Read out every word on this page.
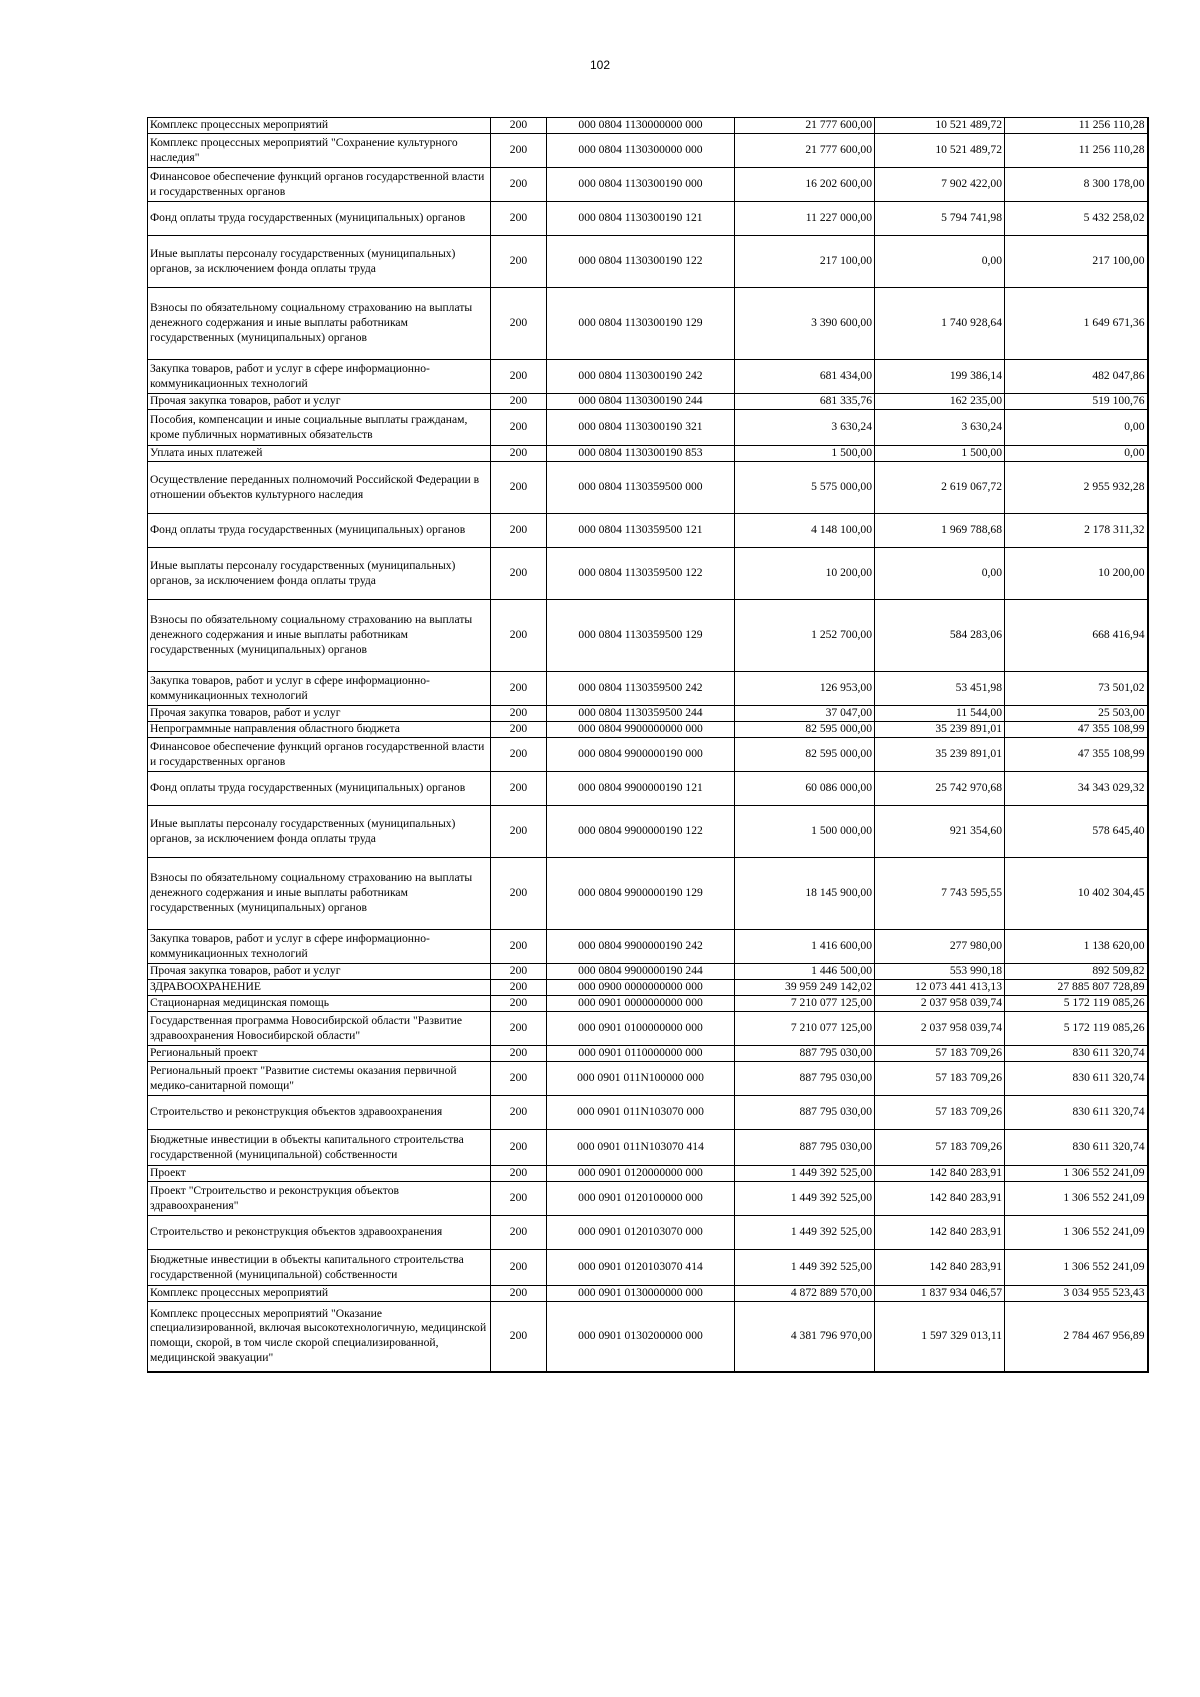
102
Комплекс процессных мероприятий	200	000 0804 1130000000 000	21 777 600,00	10 521 489,72	11 256 110,28
Комплекс процессных мероприятий "Сохранение культурного наследия"	200	000 0804 1130300000 000	21 777 600,00	10 521 489,72	11 256 110,28
Финансовое обеспечение функций органов государственной власти и государственных органов	200	000 0804 1130300190 000	16 202 600,00	7 902 422,00	8 300 178,00
Фонд оплаты труда государственных (муниципальных) органов	200	000 0804 1130300190 121	11 227 000,00	5 794 741,98	5 432 258,02
Иные выплаты персоналу государственных (муниципальных) органов, за исключением фонда оплаты труда	200	000 0804 1130300190 122	217 100,00	0,00	217 100,00
Взносы по обязательному социальному страхованию на выплаты денежного содержания и иные выплаты работникам государственных (муниципальных) органов	200	000 0804 1130300190 129	3 390 600,00	1 740 928,64	1 649 671,36
Закупка товаров, работ и услуг в сфере информационно-коммуникационных технологий	200	000 0804 1130300190 242	681 434,00	199 386,14	482 047,86
Прочая закупка товаров, работ и услуг	200	000 0804 1130300190 244	681 335,76	162 235,00	519 100,76
Пособия, компенсации и иные социальные выплаты гражданам, кроме публичных нормативных обязательств	200	000 0804 1130300190 321	3 630,24	3 630,24	0,00
Уплата иных платежей	200	000 0804 1130300190 853	1 500,00	1 500,00	0,00
Осуществление переданных полномочий Российской Федерации в отношении объектов культурного наследия	200	000 0804 1130359500 000	5 575 000,00	2 619 067,72	2 955 932,28
Фонд оплаты труда государственных (муниципальных) органов	200	000 0804 1130359500 121	4 148 100,00	1 969 788,68	2 178 311,32
Иные выплаты персоналу государственных (муниципальных) органов, за исключением фонда оплаты труда	200	000 0804 1130359500 122	10 200,00	0,00	10 200,00
Взносы по обязательному социальному страхованию на выплаты денежного содержания и иные выплаты работникам государственных (муниципальных) органов	200	000 0804 1130359500 129	1 252 700,00	584 283,06	668 416,94
Закупка товаров, работ и услуг в сфере информационно-коммуникационных технологий	200	000 0804 1130359500 242	126 953,00	53 451,98	73 501,02
Прочая закупка товаров, работ и услуг	200	000 0804 1130359500 244	37 047,00	11 544,00	25 503,00
Непрограммные направления областного бюджета	200	000 0804 9900000000 000	82 595 000,00	35 239 891,01	47 355 108,99
Финансовое обеспечение функций органов государственной власти и государственных органов	200	000 0804 9900000190 000	82 595 000,00	35 239 891,01	47 355 108,99
Фонд оплаты труда государственных (муниципальных) органов	200	000 0804 9900000190 121	60 086 000,00	25 742 970,68	34 343 029,32
Иные выплаты персоналу государственных (муниципальных) органов, за исключением фонда оплаты труда	200	000 0804 9900000190 122	1 500 000,00	921 354,60	578 645,40
Взносы по обязательному социальному страхованию на выплаты денежного содержания и иные выплаты работникам государственных (муниципальных) органов	200	000 0804 9900000190 129	18 145 900,00	7 743 595,55	10 402 304,45
Закупка товаров, работ и услуг в сфере информационно-коммуникационных технологий	200	000 0804 9900000190 242	1 416 600,00	277 980,00	1 138 620,00
Прочая закупка товаров, работ и услуг	200	000 0804 9900000190 244	1 446 500,00	553 990,18	892 509,82
ЗДРАВООХРАНЕНИЕ	200	000 0900 0000000000 000	39 959 249 142,02	12 073 441 413,13	27 885 807 728,89
Стационарная медицинская помощь	200	000 0901 0000000000 000	7 210 077 125,00	2 037 958 039,74	5 172 119 085,26
Государственная программа Новосибирской области "Развитие здравоохранения Новосибирской области"	200	000 0901 0100000000 000	7 210 077 125,00	2 037 958 039,74	5 172 119 085,26
Региональный проект	200	000 0901 0110000000 000	887 795 030,00	57 183 709,26	830 611 320,74
Региональный проект "Развитие системы оказания первичной медико-санитарной помощи"	200	000 0901 011N100000 000	887 795 030,00	57 183 709,26	830 611 320,74
Строительство и реконструкция объектов здравоохранения	200	000 0901 011N103070 000	887 795 030,00	57 183 709,26	830 611 320,74
Бюджетные инвестиции в объекты капитального строительства государственной (муниципальной) собственности	200	000 0901 011N103070 414	887 795 030,00	57 183 709,26	830 611 320,74
Проект	200	000 0901 0120000000 000	1 449 392 525,00	142 840 283,91	1 306 552 241,09
Проект "Строительство и реконструкция объектов здравоохранения"	200	000 0901 0120100000 000	1 449 392 525,00	142 840 283,91	1 306 552 241,09
Строительство и реконструкция объектов здравоохранения	200	000 0901 0120103070 000	1 449 392 525,00	142 840 283,91	1 306 552 241,09
Бюджетные инвестиции в объекты капитального строительства государственной (муниципальной) собственности	200	000 0901 0120103070 414	1 449 392 525,00	142 840 283,91	1 306 552 241,09
Комплекс процессных мероприятий	200	000 0901 0130000000 000	4 872 889 570,00	1 837 934 046,57	3 034 955 523,43
Комплекс процессных мероприятий "Оказание специализированной, включая высокотехнологичную, медицинской помощи, скорой, в том числе скорой специализированной, медицинской эвакуации"	200	000 0901 0130200000 000	4 381 796 970,00	1 597 329 013,11	2 784 467 956,89
